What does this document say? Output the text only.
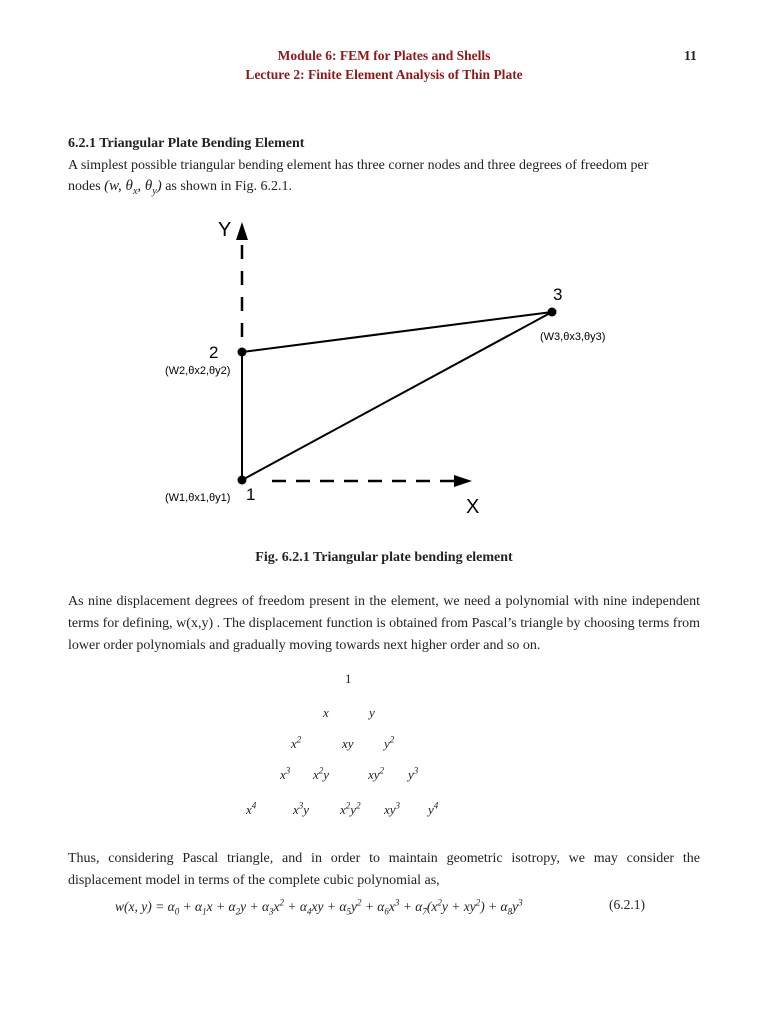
Module 6: FEM for Plates and Shells
Lecture 2: Finite Element Analysis of Thin Plate
11
6.2.1 Triangular Plate Bending Element
A simplest possible triangular bending element has three corner nodes and three degrees of freedom per
nodes (w, $\theta_x$, $\theta_y$) as shown in Fig. 6.2.1.
Y
X
1
2
3
(W1,θx1,θy1)
(W2,θx2,θy2)
(W3,θx3,θy3)
Fig. 6.2.1 Triangular plate bending element
As nine displacement degrees of freedom present in the element, we need a polynomial with nine independent terms for defining, w(x,y) . The displacement function is obtained from Pascal’s triangle by choosing terms from lower order polynomials and gradually moving towards next higher order and so on.
1
x	y
$x^2$	xy $y^2$
$x^3$ $x^2y$	$xy^2$ $y^3$
$x^4$	$x^3y$ $x^2y^2$ $xy^3$ $y^4$
Thus, considering Pascal triangle, and in order to maintain geometric isotropy, we may consider the displacement model in terms of the complete cubic polynomial as,
w(x, $y) = \alpha_0 + \alpha_1x + \alpha_2y + \alpha_3x^2 + \alpha_4xy + \alpha_5y^2 + \alpha_6x^3 + \alpha_7(x^2y + xy^2) + \alpha_8y^3$	(6.2.1)
